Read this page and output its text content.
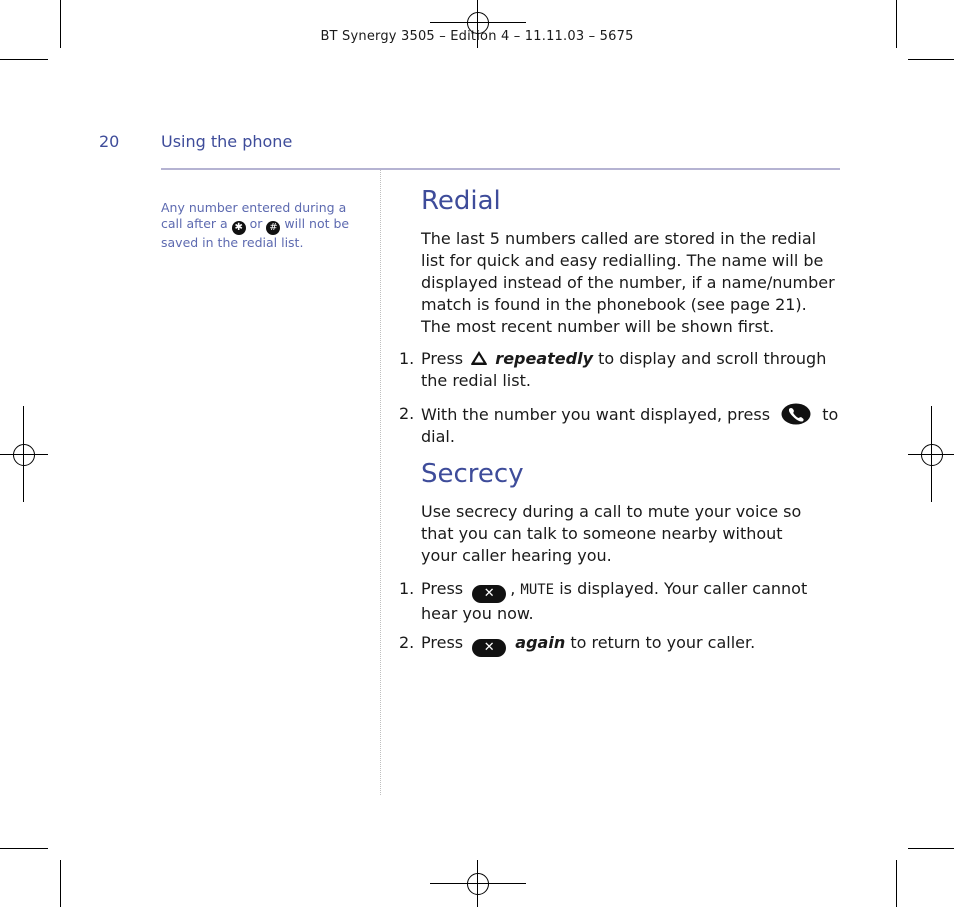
BT Synergy 3505 – Edition 4 – 11.11.03 – 5675
20	Using the phone
Any number entered during a call after a ✱ or # will not be saved in the redial list.
Redial
The last 5 numbers called are stored in the redial list for quick and easy redialling. The name will be displayed instead of the number, if a name/number match is found in the phonebook (see page 21). The most recent number will be shown first.
1. Press repeatedly to display and scroll through the redial list.
2. With the number you want displayed, press	to dial.
Secrecy
Use secrecy during a call to mute your voice so that you can talk to someone nearby without your caller hearing you.
1. Press ✕ , MUTE is displayed. Your caller cannot hear you now.
2. Press ✕ again to return to your caller.
